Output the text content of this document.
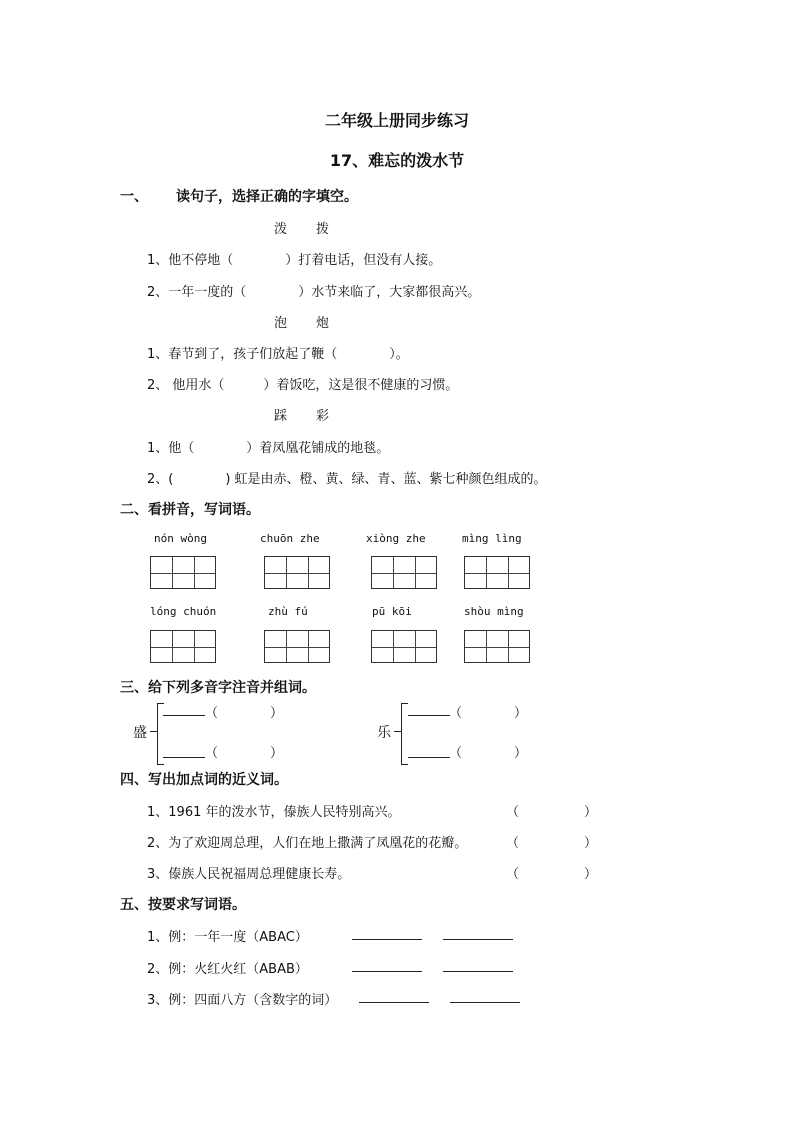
二年级上册同步练习
17、难忘的泼水节
一、 读句子，选择正确的字填空。
泼　　拨
1、他不停地（　　　　）打着电话，但没有人接。
2、一年一度的（　　　　）水节来临了，大家都很高兴。
泡　　炮
1、春节到了，孩子们放起了鞭（　　　　）。
2、 他用水（　　　）着饭吃，这是很不健康的习惯。
踩　　彩
1、他（　　　　）着凤凰花铺成的地毯。
2、(　　　　) 虹是由赤、橙、黄、绿、青、蓝、紫七种颜色组成的。
二、看拼音，写词语。
nón wòng	chuōn zhe	xiòng zhe	mìng lìng
lóng chuón	zhù fú	pū kōi	shòu mìng
三、给下列多音字注音并组词。
盛
（　　　　）
（　　　　）
乐
（　　　　）
（　　　　）
四、写出加点词的近义词。
1、1961 年的泼水节，傣族人民特别高兴。	（　　　　　）
2、为了欢迎周总理，人们在地上撒满了凤凰花的花瓣。	（　　　　　）
3、傣族人民祝福周总理健康长寿。	（　　　　　）
五、按要求写词语。
1、例：一年一度（ABAC）
2、例：火红火红（ABAB）
3、例：四面八方（含数字的词）
